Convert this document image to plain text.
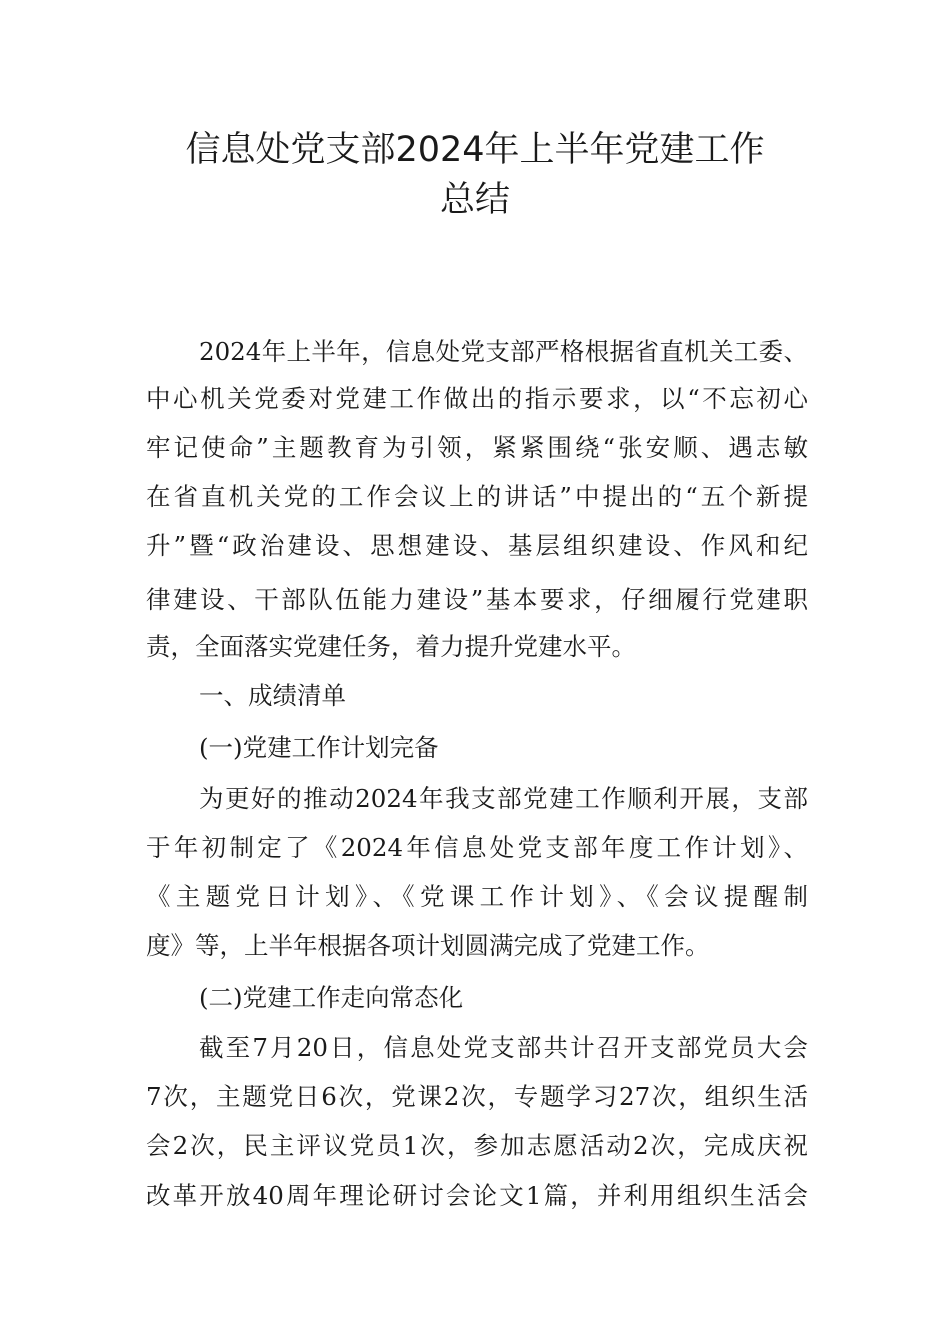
信息处党支部2024年上半年党建工作
总结

2024年上半年，信息处党支部严格根据省直机关工委、

中心机关党委对党建工作做出的指示要求，以“不忘初心

牢记使命”主题教育为引领，紧紧围绕“张安顺、遇志敏

在省直机关党的工作会议上的讲话”中提出的“五个新提

升”暨“政治建设、思想建设、基层组织建设、作风和纪

律建设、干部队伍能力建设”基本要求，仔细履行党建职

责，全面落实党建任务，着力提升党建水平。

一、成绩清单

(一)党建工作计划完备

为更好的推动2024年我支部党建工作顺利开展，支部

于年初制定了《2024年信息处党支部年度工作计划》、

《主题党日计划》、《党课工作计划》、《会议提醒制

度》等，上半年根据各项计划圆满完成了党建工作。

(二)党建工作走向常态化

截至7月20日，信息处党支部共计召开支部党员大会

7次，主题党日6次，党课2次，专题学习27次，组织生活

会2次，民主评议党员1次，参加志愿活动2次，完成庆祝

改革开放40周年理论研讨会论文1篇，并利用组织生活会
